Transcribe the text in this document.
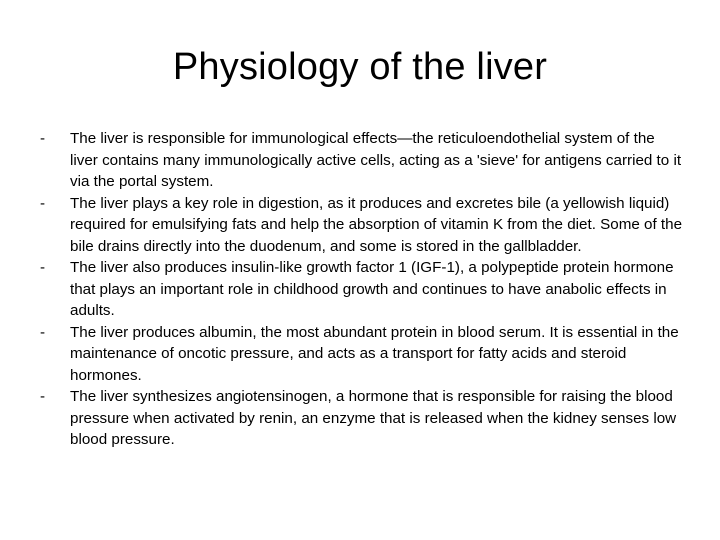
Physiology of the liver
-	The liver is responsible for immunological effects—the reticuloendothelial system of the liver contains many immunologically active cells, acting as a 'sieve' for antigens carried to it via the portal system.
-	The liver plays a key role in digestion, as it produces and excretes bile (a yellowish liquid) required for emulsifying fats and help the absorption of vitamin K from the diet. Some of the bile drains directly into the duodenum, and some is stored in the gallbladder.
-	The liver also produces insulin-like growth factor 1 (IGF-1), a polypeptide protein hormone that plays an important role in childhood growth and continues to have anabolic effects in adults.
-	The liver produces albumin, the most abundant protein in blood serum. It is essential in the maintenance of oncotic pressure, and acts as a transport for fatty acids and steroid hormones.
-	The liver synthesizes angiotensinogen, a hormone that is responsible for raising the blood pressure when activated by renin, an enzyme that is released when the kidney senses low blood pressure.
